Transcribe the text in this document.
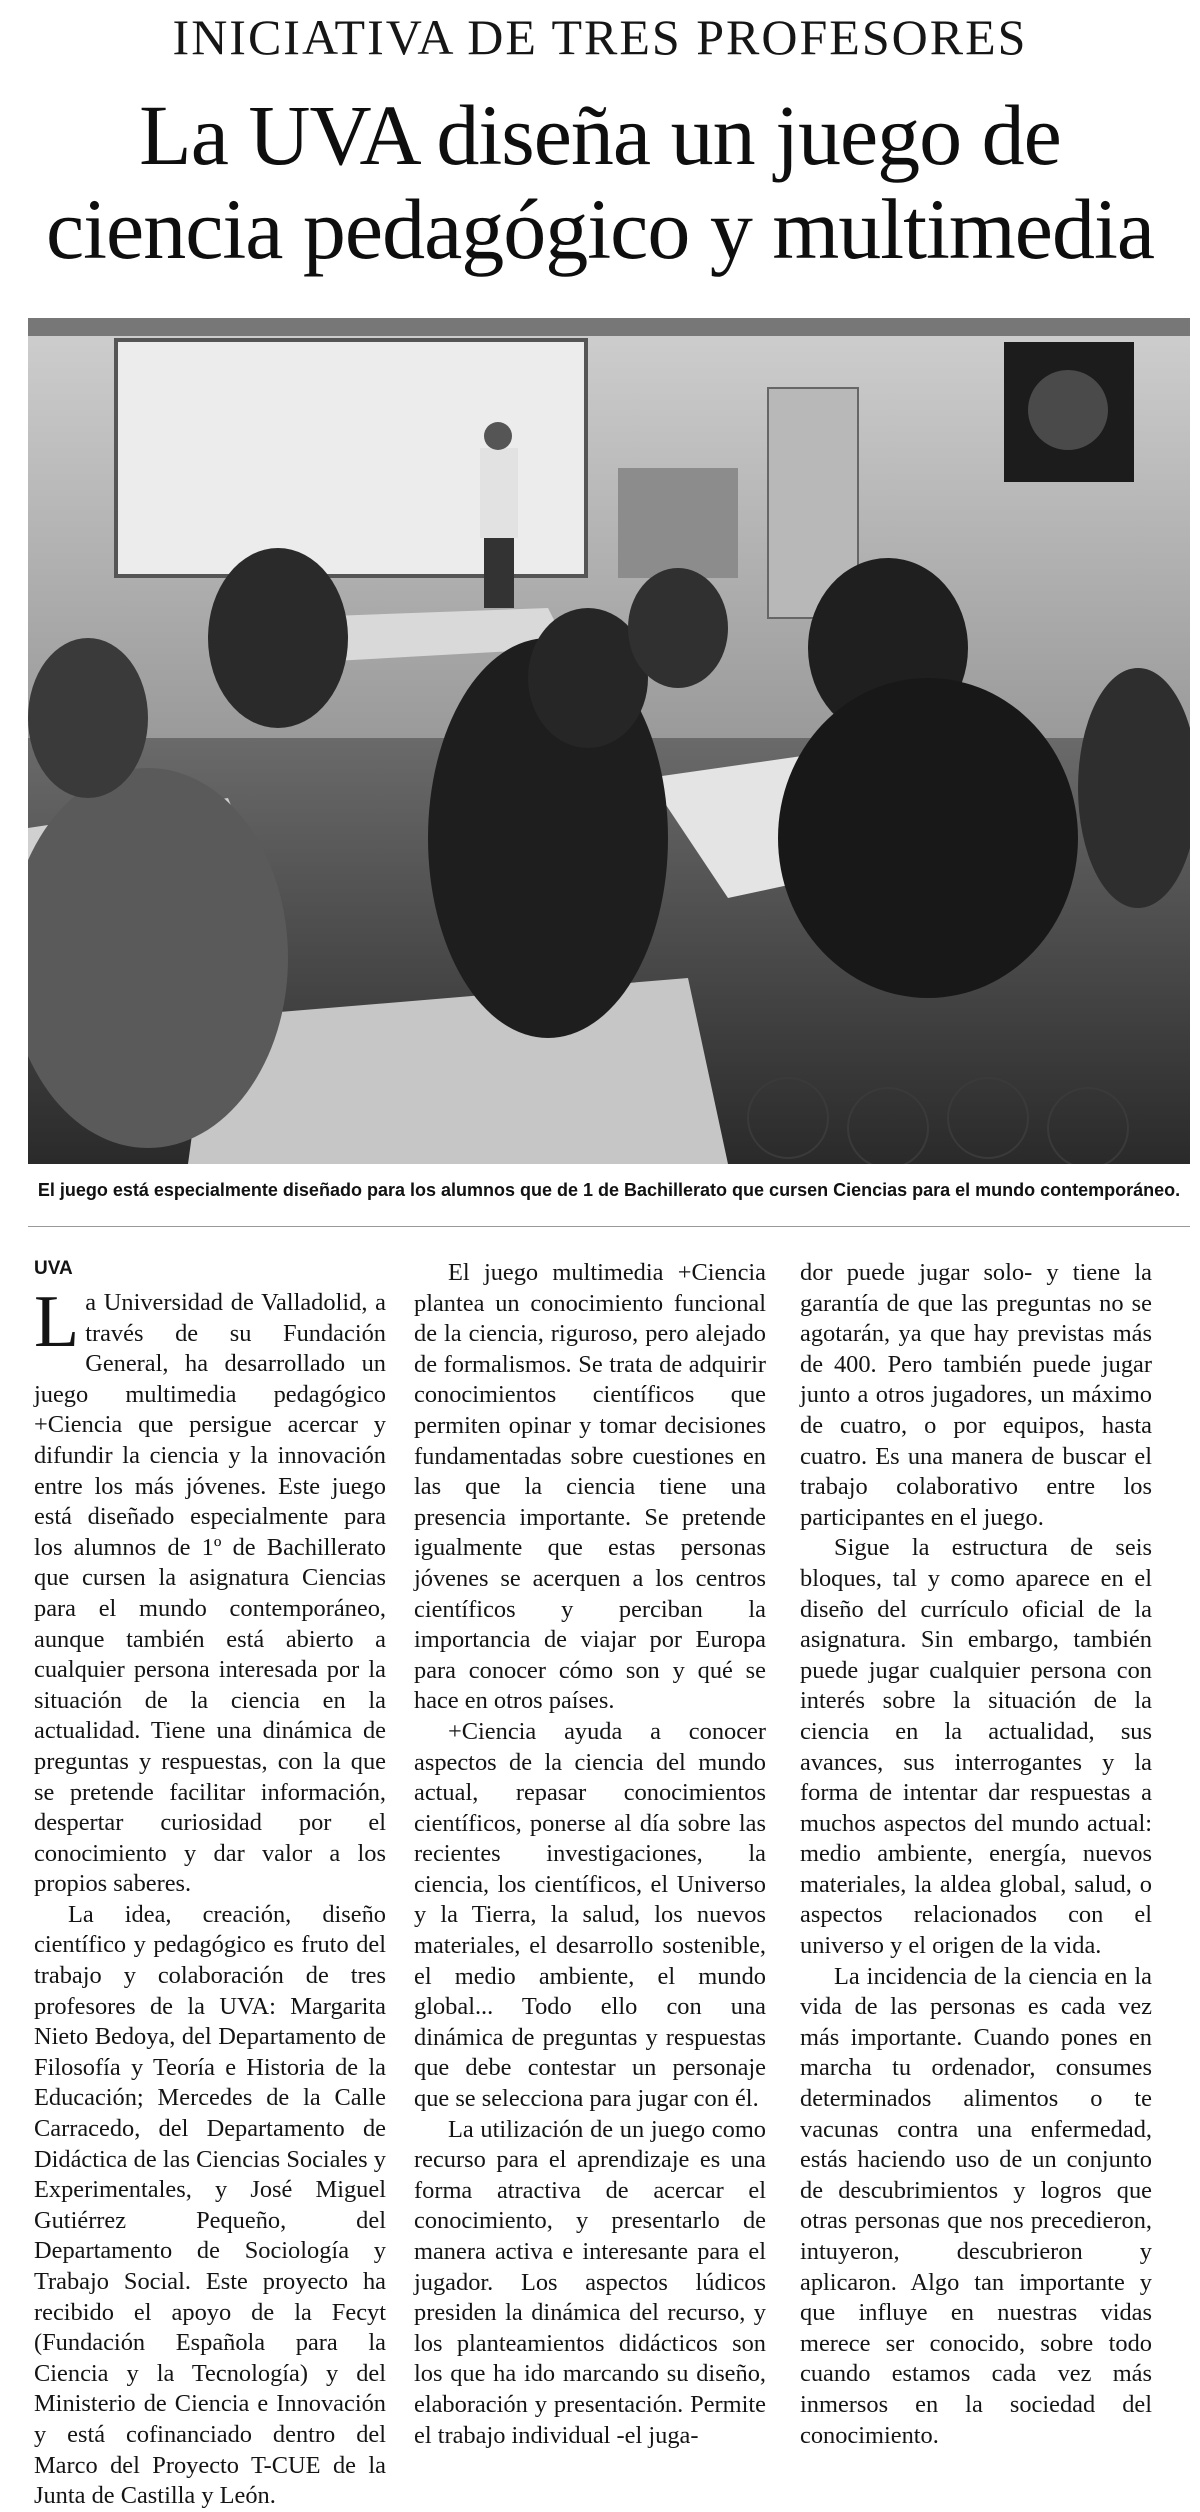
INICIATIVA DE TRES PROFESORES
La UVA diseña un juego de
ciencia pedagógico y multimedia
El juego está especialmente diseñado para los alumnos que de 1 de Bachillerato que cursen Ciencias para el mundo contemporáneo.
UVA

La Universidad de Valladolid, a través de su Fundación General, ha desarrollado un juego multimedia pedagógico +Ciencia que persigue acercar y difundir la ciencia y la innovación entre los más jóvenes. Este juego está diseñado especialmente para los alumnos de 1º de Bachillerato que cursen la asignatura Ciencias para el mundo contemporáneo, aunque también está abierto a cualquier persona interesada por la situación de la ciencia en la actualidad. Tiene una dinámica de preguntas y respuestas, con la que se pretende facilitar información, despertar curiosidad por el conocimiento y dar valor a los propios saberes.

La idea, creación, diseño científico y pedagógico es fruto del trabajo y colaboración de tres profesores de la UVA: Margarita Nieto Bedoya, del Departamento de Filosofía y Teoría e Historia de la Educación; Mercedes de la Calle Carracedo, del Departamento de Didáctica de las Ciencias Sociales y Experimentales, y José Miguel Gutiérrez Pequeño, del Departamento de Sociología y Trabajo Social. Este proyecto ha recibido el apoyo de la Fecyt (Fundación Española para la Ciencia y la Tecnología) y del Ministerio de Ciencia e Innovación y está cofinanciado dentro del Marco del Proyecto T-CUE de la Junta de Castilla y León.

El juego multimedia +Ciencia plantea un conocimiento funcional de la ciencia, riguroso, pero alejado de formalismos. Se trata de adquirir conocimientos científicos que permiten opinar y tomar decisiones fundamentadas sobre cuestiones en las que la ciencia tiene una presencia importante. Se pretende igualmente que estas personas jóvenes se acerquen a los centros científicos y perciban la importancia de viajar por Europa para conocer cómo son y qué se hace en otros países.

+Ciencia ayuda a conocer aspectos de la ciencia del mundo actual, repasar conocimientos científicos, ponerse al día sobre las recientes investigaciones, la ciencia, los científicos, el Universo y la Tierra, la salud, los nuevos materiales, el desarrollo sostenible, el medio ambiente, el mundo global... Todo ello con una dinámica de preguntas y respuestas que debe contestar un personaje que se selecciona para jugar con él.

La utilización de un juego como recurso para el aprendizaje es una forma atractiva de acercar el conocimiento, y presentarlo de manera activa e interesante para el jugador. Los aspectos lúdicos presiden la dinámica del recurso, y los planteamientos didácticos son los que ha ido marcando su diseño, elaboración y presentación. Permite el trabajo individual -el juga-

dor puede jugar solo- y tiene la garantía de que las preguntas no se agotarán, ya que hay previstas más de 400. Pero también puede jugar junto a otros jugadores, un máximo de cuatro, o por equipos, hasta cuatro. Es una manera de buscar el trabajo colaborativo entre los participantes en el juego.

Sigue la estructura de seis bloques, tal y como aparece en el diseño del currículo oficial de la asignatura. Sin embargo, también puede jugar cualquier persona con interés sobre la situación de la ciencia en la actualidad, sus avances, sus interrogantes y la forma de intentar dar respuestas a muchos aspectos del mundo actual: medio ambiente, energía, nuevos materiales, la aldea global, salud, o aspectos relacionados con el universo y el origen de la vida.

La incidencia de la ciencia en la vida de las personas es cada vez más importante. Cuando pones en marcha tu ordenador, consumes determinados alimentos o te vacunas contra una enfermedad, estás haciendo uso de un conjunto de descubrimientos y logros que otras personas que nos precedieron, intuyeron, descubrieron y aplicaron. Algo tan importante y que influye en nuestras vidas merece ser conocido, sobre todo cuando estamos cada vez más inmersos en la sociedad del conocimiento.
